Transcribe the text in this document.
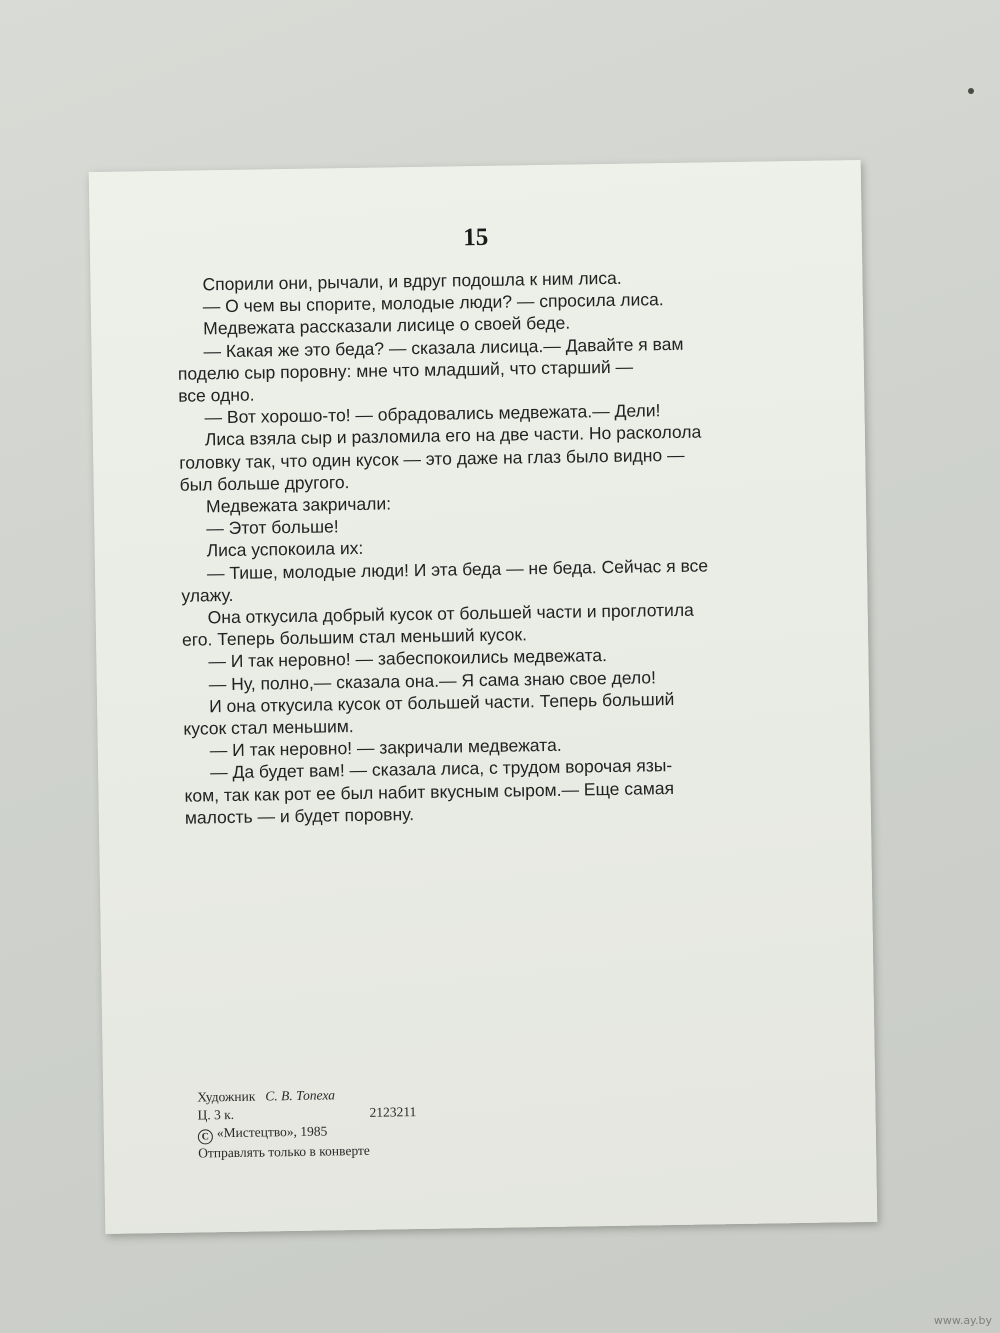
15
Спорили они, рычали, и вдруг подошла к ним лиса.
— О чем вы спорите, молодые люди? — спросила лиса.
Медвежата рассказали лисице о своей беде.
— Какая же это беда? — сказала лисица.— Давайте я вам
поделю сыр поровну: мне что младший, что старший —
все одно.
— Вот хорошо-то! — обрадовались медвежата.— Дели!
Лиса взяла сыр и разломила его на две части. Но расколола
головку так, что один кусок — это даже на глаз было видно —
был больше другого.
Медвежата закричали:
— Этот больше!
Лиса успокоила их:
— Тише, молодые люди! И эта беда — не беда. Сейчас я все
улажу.
Она откусила добрый кусок от большей части и проглотила
его. Теперь большим стал меньший кусок.
— И так неровно! — забеспокоились медвежата.
— Ну, полно,— сказала она.— Я сама знаю свое дело!
И она откусила кусок от большей части. Теперь больший
кусок стал меньшим.
— И так неровно! — закричали медвежата.
— Да будет вам! — сказала лиса, с трудом ворочая язы-
ком, так как рот ее был набит вкусным сыром.— Еще самая
малость — и будет поровну.
Художник С. В. Топеха
Ц. 3 к.	2123211
C «Мистецтво», 1985
Отправлять только в конверте
www.ay.by
